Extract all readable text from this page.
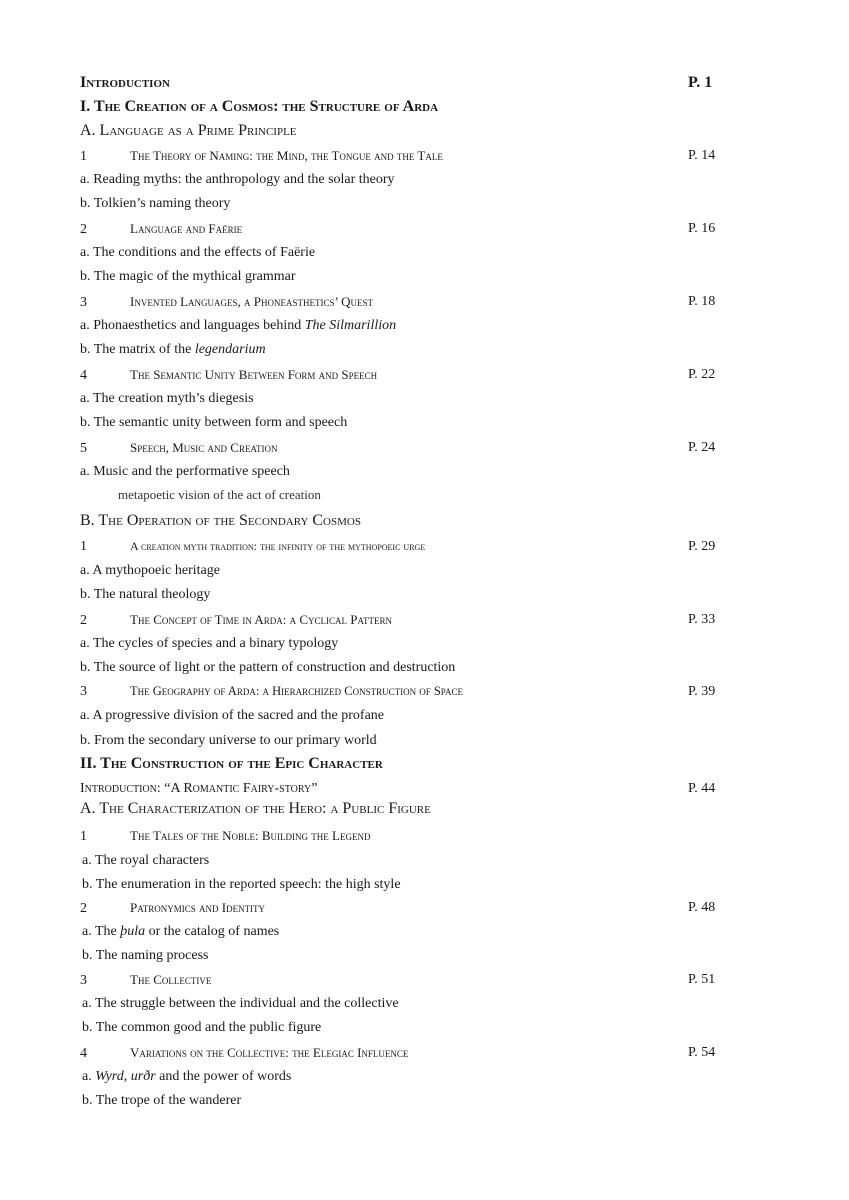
Introduction	P. 1
I. The Creation of a Cosmos: the Structure of Arda
A. Language as a Prime Principle
1	The Theory of Naming: the Mind, the Tongue and the Tale	P. 14
a. Reading myths: the anthropology and the solar theory
b. Tolkien’s naming theory
2	Language and Faërie	P. 16
a. The conditions and the effects of Faërie
b. The magic of the mythical grammar
3	Invented Languages, a Phoneasthetics’ Quest	P. 18
a. Phonaesthetics and languages behind The Silmarillion
b. The matrix of the legendarium
4	The Semantic Unity Between Form and Speech	P. 22
a. The creation myth’s diegesis
b. The semantic unity between form and speech
5	Speech, Music and Creation	P. 24
a. Music and the performative speech
metapoetic vision of the act of creation
B. The Operation of the Secondary Cosmos
1	A creation myth tradition: the infinity of the mythopoeic urge	P. 29
a. A mythopoeic heritage
b. The natural theology
2	The Concept of Time in Arda: a Cyclical Pattern	P. 33
a. The cycles of species and a binary typology
b. The source of light or the pattern of construction and destruction
3	The Geography of Arda: a Hierarchized Construction of Space	P. 39
a. A progressive division of the sacred and the profane
b. From the secondary universe to our primary world
II. The Construction of the Epic Character
Introduction: “A Romantic Fairy-story”	P. 44
A. The Characterization of the Hero: a Public Figure
1	The Tales of the Noble: Building the Legend
a. The royal characters
b. The enumeration in the reported speech: the high style
2	Patronymics and Identity	P. 48
a. The þula or the catalog of names
b. The naming process
3	The Collective	P. 51
a. The struggle between the individual and the collective
b. The common good and the public figure
4	Variations on the Collective: the Elegiac Influence	P. 54
a. Wyrd, urðr and the power of words
b. The trope of the wanderer
